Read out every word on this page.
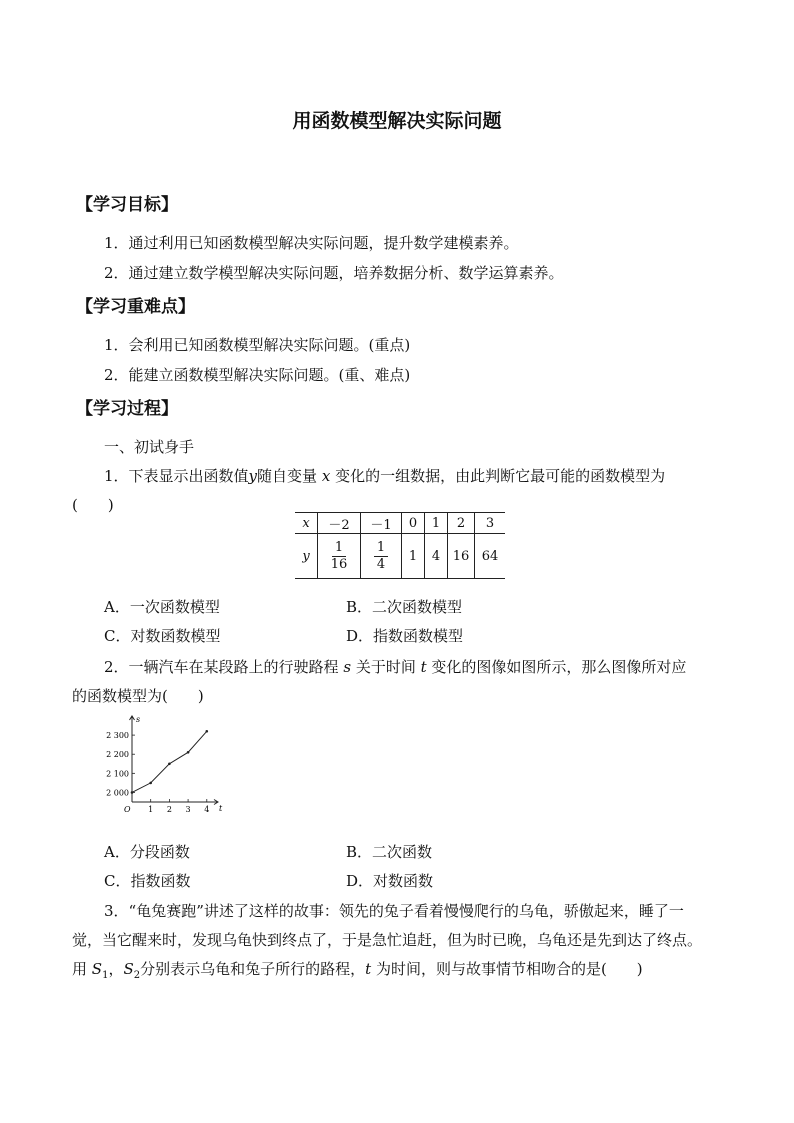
用函数模型解决实际问题
【学习目标】
1．通过利用已知函数模型解决实际问题，提升数学建模素养。
2．通过建立数学模型解决实际问题，培养数据分析、数学运算素养。
【学习重难点】
1．会利用已知函数模型解决实际问题。(重点)
2．能建立函数模型解决实际问题。(重、难点)
【学习过程】
一、初试身手
1．下表显示出函数值y随自变量 x 变化的一组数据，由此判断它最可能的函数模型为
(　　)
x	－2	－1	0	1	2	3
y	$\frac{1}{16}$	$\frac{1}{4}$	1	4	16	64
A．一次函数模型	B．二次函数模型
C．对数函数模型	D．指数函数模型
2．一辆汽车在某段路上的行驶路程 s 关于时间 t 变化的图像如图所示，那么图像所对应
的函数模型为(　　)
s
t
O
2 000
2 100
2 200
2 300
1 2 3 4
A．分段函数	B．二次函数
C．指数函数	D．对数函数
3．“龟兔赛跑”讲述了这样的故事：领先的兔子看着慢慢爬行的乌龟，骄傲起来，睡了一
觉，当它醒来时，发现乌龟快到终点了，于是急忙追赶，但为时已晚，乌龟还是先到达了终点。
用 $S_1$，$S_2$分别表示乌龟和兔子所行的路程，t 为时间，则与故事情节相吻合的是(　　)
